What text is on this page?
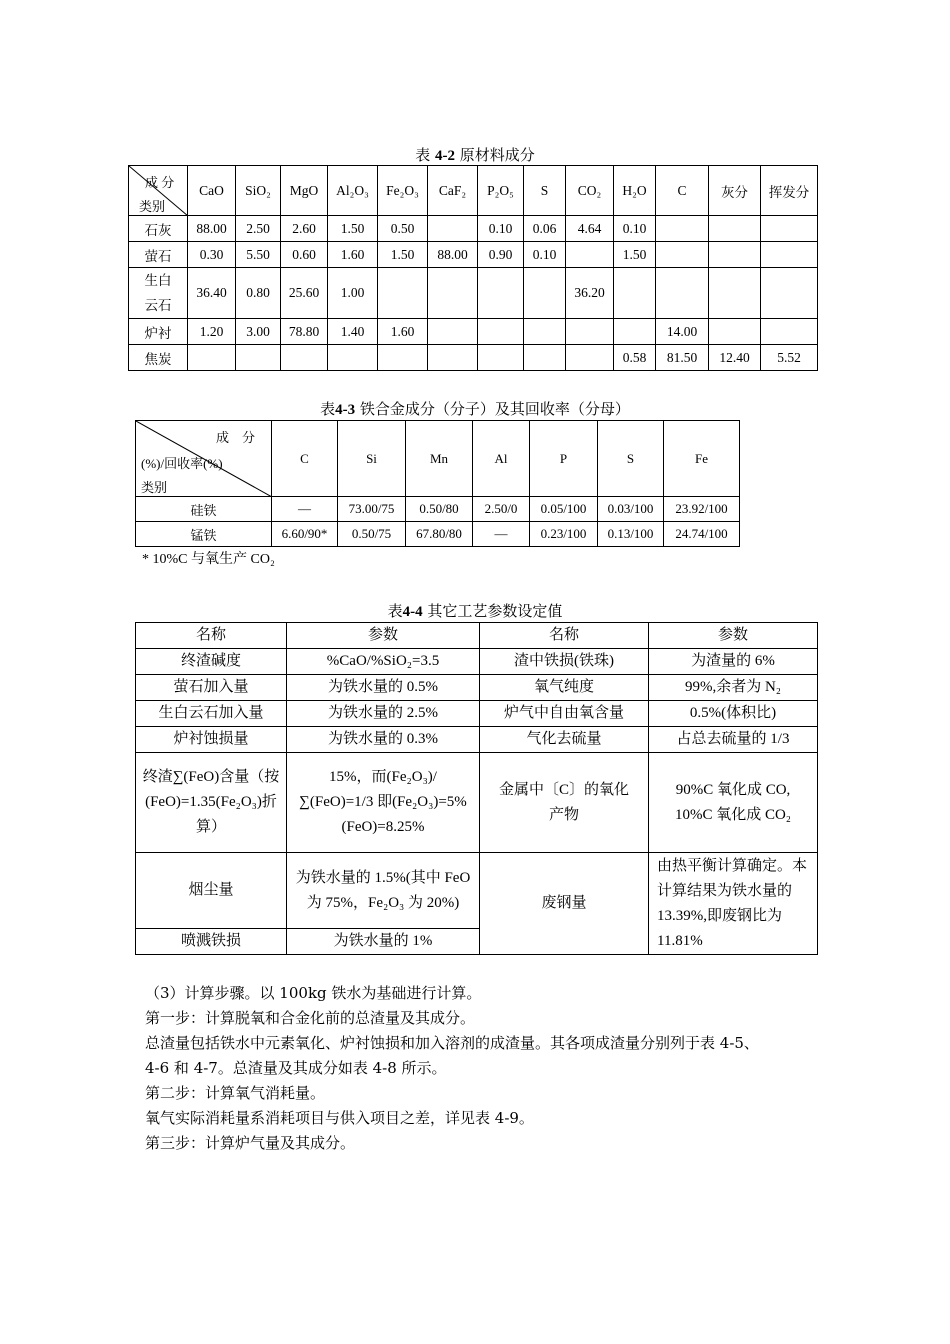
表 4-2 原材料成分
成 分
类别	CaO	SiO₂	MgO	Al₂O₃	Fe₂O₃	CaF₂	P₂O₅	S	CO₂	H₂O	C	灰分	挥发分
石灰	88.00	2.50	2.60	1.50	0.50		0.10	0.06	4.64	0.10			
萤石	0.30	5.50	0.60	1.60	1.50	88.00	0.90	0.10		1.50			
生白云石	36.40	0.80	25.60	1.00					36.20				
炉衬	1.20	3.00	78.80	1.40	1.60						14.00		
焦炭										0.58	81.50	12.40	5.52
表4-3 铁合金成分（分子）及其回收率（分母）
成　分
(%)/回收率(%)
类别	C	Si	Mn	Al	P	S	Fe
硅铁	—	73.00/75	0.50/80	2.50/0	0.05/100	0.03/100	23.92/100
锰铁	6.60/90*	0.50/75	67.80/80	—	0.23/100	0.13/100	24.74/100
* 10%C 与氧生产 CO₂
表4-4 其它工艺参数设定值
名称	参数	名称	参数
终渣碱度	%CaO/%SiO₂=3.5	渣中铁损(铁珠)	为渣量的 6%
萤石加入量	为铁水量的 0.5%	氧气纯度	99%,余者为 N₂
生白云石加入量	为铁水量的 2.5%	炉气中自由氧含量	0.5%(体积比)
炉衬蚀损量	为铁水量的 0.3%	气化去硫量	占总去硫量的 1/3
终渣∑(FeO)含量（按(FeO)=1.35(Fe₂O₃)折算）	15%，而(Fe₂O₃)/∑(FeO)=1/3 即(Fe₂O₃)=5%(FeO)=8.25%	金属中〔C〕的氧化产物	90%C 氧化成 CO, 10%C 氧化成 CO₂
烟尘量	为铁水量的 1.5%(其中 FeO 为 75%，Fe₂O₃ 为 20%)	废钢量	由热平衡计算确定。本计算结果为铁水量的 13.39%,即废钢比为 11.81%
喷溅铁损	为铁水量的 1%		
（3）计算步骤。以 100kg 铁水为基础进行计算。
第一步：计算脱氧和合金化前的总渣量及其成分。
总渣量包括铁水中元素氧化、炉衬蚀损和加入溶剂的成渣量。其各项成渣量分别列于表 4-5、
4-6 和 4-7。总渣量及其成分如表 4-8 所示。
第二步：计算氧气消耗量。
氧气实际消耗量系消耗项目与供入项目之差，详见表 4-9。
第三步：计算炉气量及其成分。
